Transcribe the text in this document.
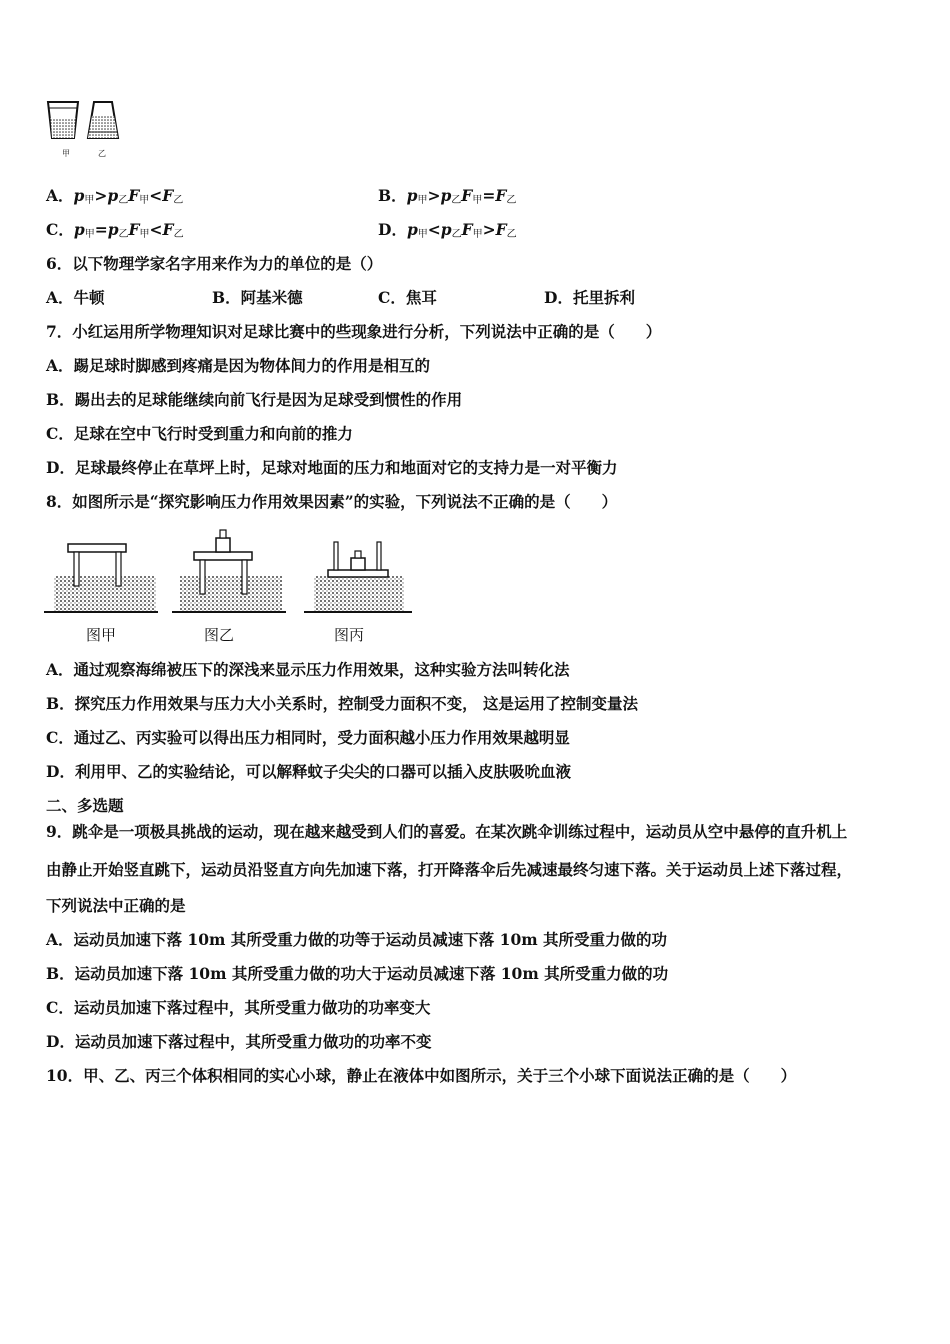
甲	乙
A．$p_甲>p_乙F_甲<F_乙$	B．$p_甲>p_乙F_甲=F_乙$
C．$p_甲=p_乙F_甲<F_乙$	D．$p_甲<p_乙F_甲>F_乙$
6．以下物理学家名字用来作为力的单位的是（）
A．牛顿	B．阿基米德	C．焦耳	D．托里拆利
7．小红运用所学物理知识对足球比赛中的些现象进行分析，下列说法中正确的是（　　）
A．踢足球时脚感到疼痛是因为物体间力的作用是相互的
B．踢出去的足球能继续向前飞行是因为足球受到惯性的作用
C．足球在空中飞行时受到重力和向前的推力
D．足球最终停止在草坪上时，足球对地面的压力和地面对它的支持力是一对平衡力
8．如图所示是“探究影响压力作用效果因素”的实验，下列说法不正确的是（　　）
图甲	图乙	图丙
A．通过观察海绵被压下的深浅来显示压力作用效果，这种实验方法叫转化法
B．探究压力作用效果与压力大小关系时，控制受力面积不变， 这是运用了控制变量法
C．通过乙、丙实验可以得出压力相同时，受力面积越小压力作用效果越明显
D．利用甲、乙的实验结论，可以解释蚊子尖尖的口器可以插入皮肤吸吮血液
二、多选题
9．跳伞是一项极具挑战的运动，现在越来越受到人们的喜爱。在某次跳伞训练过程中，运动员从空中悬停的直升机上
由静止开始竖直跳下，运动员沿竖直方向先加速下落，打开降落伞后先减速最终匀速下落。关于运动员上述下落过程，
下列说法中正确的是
A．运动员加速下落 10m 其所受重力做的功等于运动员减速下落 10m 其所受重力做的功
B．运动员加速下落 10m 其所受重力做的功大于运动员减速下落 10m 其所受重力做的功
C．运动员加速下落过程中，其所受重力做功的功率变大
D．运动员加速下落过程中，其所受重力做功的功率不变
10．甲、乙、丙三个体积相同的实心小球，静止在液体中如图所示，关于三个小球下面说法正确的是（　　）
